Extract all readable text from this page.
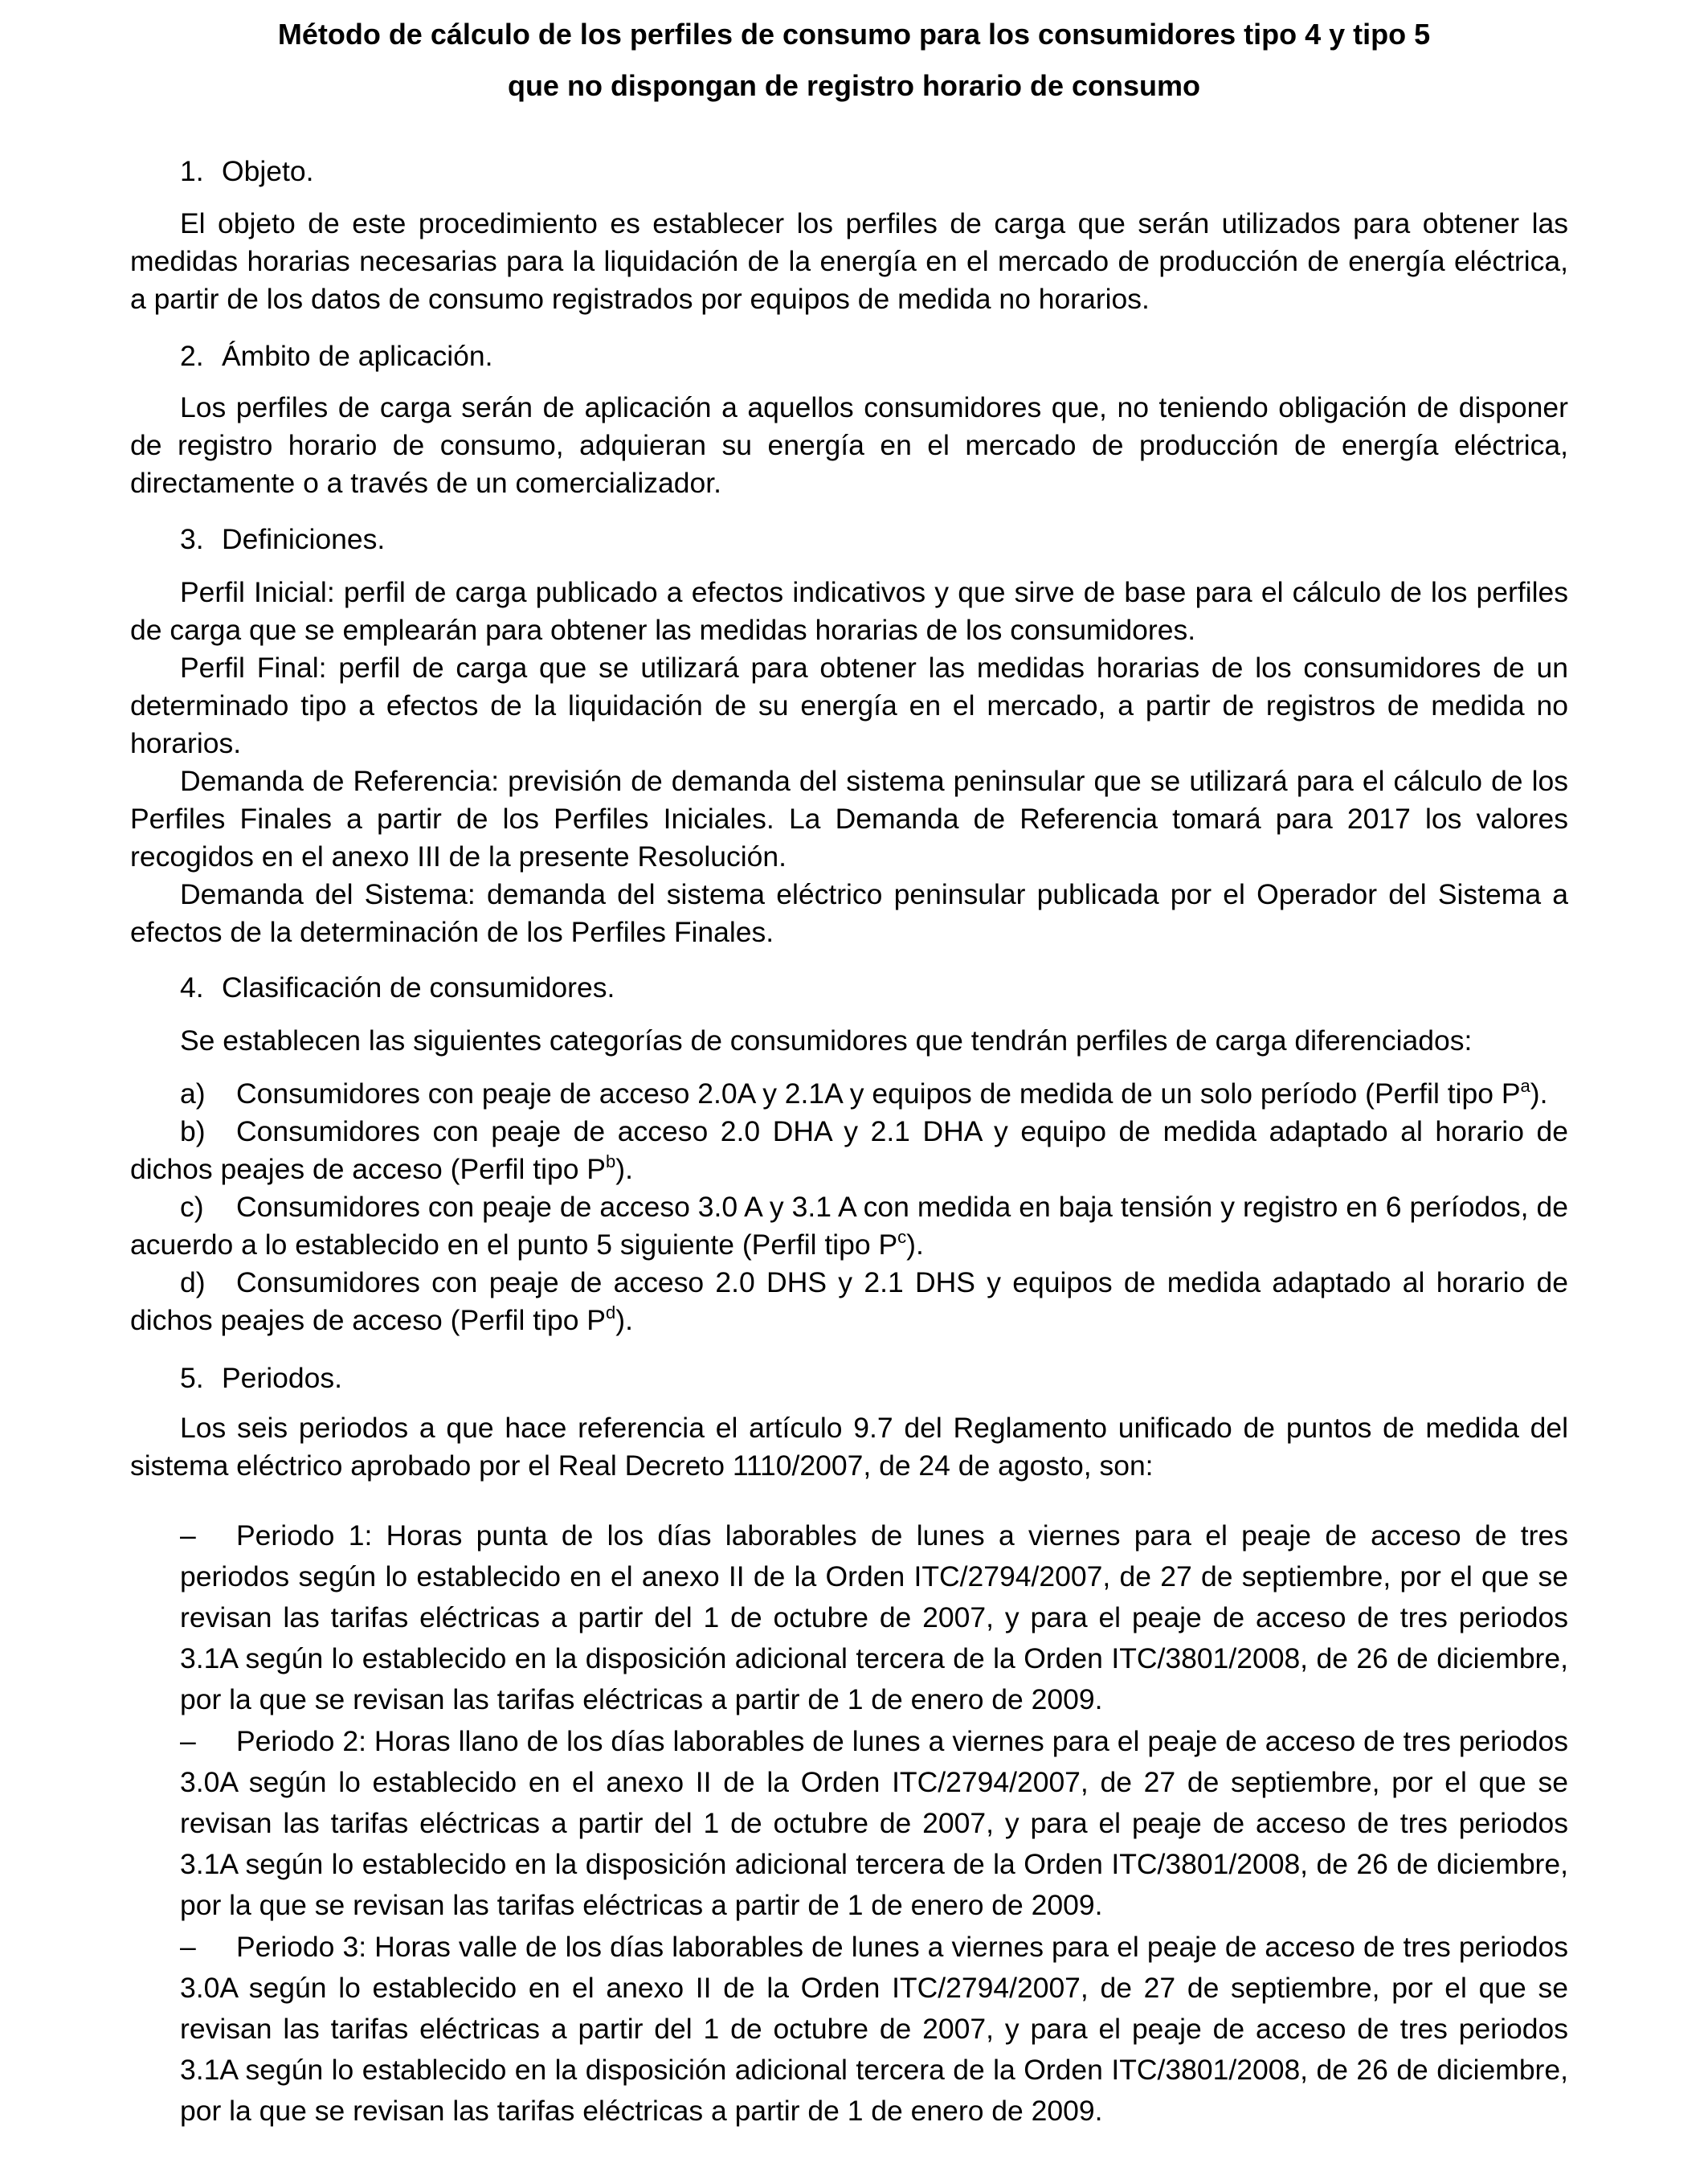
Método de cálculo de los perfiles de consumo para los consumidores tipo 4 y tipo 5
que no dispongan de registro horario de consumo
1. Objeto.

El objeto de este procedimiento es establecer los perfiles de carga que serán utilizados para obtener las medidas horarias necesarias para la liquidación de la energía en el mercado de producción de energía eléctrica, a partir de los datos de consumo registrados por equipos de medida no horarios.

2. Ámbito de aplicación.

Los perfiles de carga serán de aplicación a aquellos consumidores que, no teniendo obligación de disponer de registro horario de consumo, adquieran su energía en el mercado de producción de energía eléctrica, directamente o a través de un comercializador.

3. Definiciones.

Perfil Inicial: perfil de carga publicado a efectos indicativos y que sirve de base para el cálculo de los perfiles de carga que se emplearán para obtener las medidas horarias de los consumidores.

Perfil Final: perfil de carga que se utilizará para obtener las medidas horarias de los consumidores de un determinado tipo a efectos de la liquidación de su energía en el mercado, a partir de registros de medida no horarios.

Demanda de Referencia: previsión de demanda del sistema peninsular que se utilizará para el cálculo de los Perfiles Finales a partir de los Perfiles Iniciales. La Demanda de Referencia tomará para 2017 los valores recogidos en el anexo III de la presente Resolución.

Demanda del Sistema: demanda del sistema eléctrico peninsular publicada por el Operador del Sistema a efectos de la determinación de los Perfiles Finales.

4. Clasificación de consumidores.

Se establecen las siguientes categorías de consumidores que tendrán perfiles de carga diferenciados:

a) Consumidores con peaje de acceso 2.0A y 2.1A y equipos de medida de un solo período (Perfil tipo $P^a$).

b) Consumidores con peaje de acceso 2.0 DHA y 2.1 DHA y equipo de medida adaptado al horario de dichos peajes de acceso (Perfil tipo $P^b$).

c) Consumidores con peaje de acceso 3.0 A y 3.1 A con medida en baja tensión y registro en 6 períodos, de acuerdo a lo establecido en el punto 5 siguiente (Perfil tipo $P^c$).

d) Consumidores con peaje de acceso 2.0 DHS y 2.1 DHS y equipos de medida adaptado al horario de dichos peajes de acceso (Perfil tipo $P^d$).

5. Periodos.

Los seis periodos a que hace referencia el artículo 9.7 del Reglamento unificado de puntos de medida del sistema eléctrico aprobado por el Real Decreto 1110/2007, de 24 de agosto, son:

–	Periodo 1: Horas punta de los días laborables de lunes a viernes para el peaje de acceso de tres periodos según lo establecido en el anexo II de la Orden ITC/2794/2007, de 27 de septiembre, por el que se revisan las tarifas eléctricas a partir del 1 de octubre de 2007, y para el peaje de acceso de tres periodos 3.1A según lo establecido en la disposición adicional tercera de la Orden ITC/3801/2008, de 26 de diciembre, por la que se revisan las tarifas eléctricas a partir de 1 de enero de 2009.

–	Periodo 2: Horas llano de los días laborables de lunes a viernes para el peaje de acceso de tres periodos 3.0A según lo establecido en el anexo II de la Orden ITC/2794/2007, de 27 de septiembre, por el que se revisan las tarifas eléctricas a partir del 1 de octubre de 2007, y para el peaje de acceso de tres periodos 3.1A según lo establecido en la disposición adicional tercera de la Orden ITC/3801/2008, de 26 de diciembre, por la que se revisan las tarifas eléctricas a partir de 1 de enero de 2009.

–	Periodo 3: Horas valle de los días laborables de lunes a viernes para el peaje de acceso de tres periodos 3.0A según lo establecido en el anexo II de la Orden ITC/2794/2007, de 27 de septiembre, por el que se revisan las tarifas eléctricas a partir del 1 de octubre de 2007, y para el peaje de acceso de tres periodos 3.1A según lo establecido en la disposición adicional tercera de la Orden ITC/3801/2008, de 26 de diciembre, por la que se revisan las tarifas eléctricas a partir de 1 de enero de 2009.
